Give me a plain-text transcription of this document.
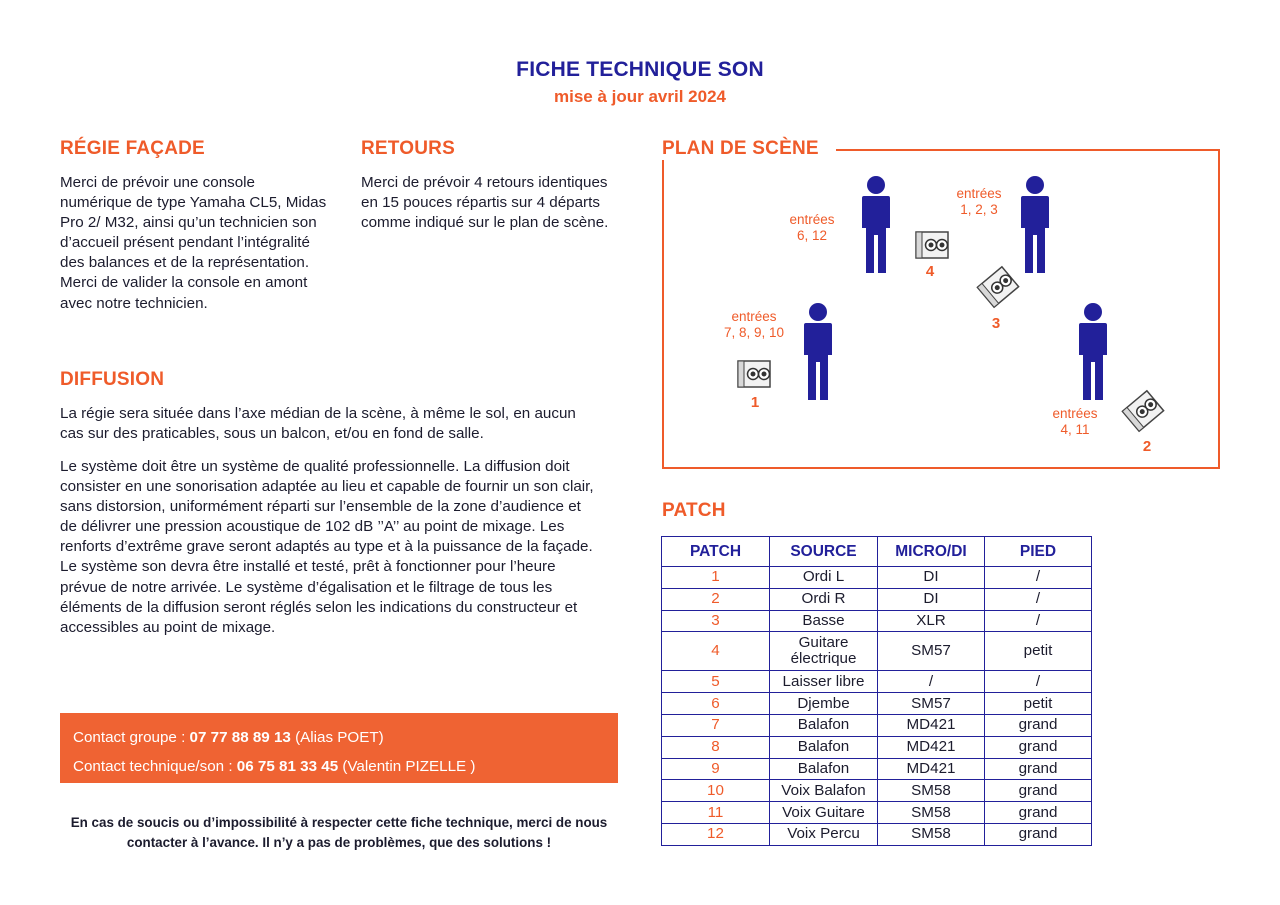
FICHE TECHNIQUE SON
mise à jour avril 2024
RÉGIE FAÇADE
Merci de prévoir une console numérique de type Yamaha CL5, Midas Pro 2/ M32, ainsi qu’un technicien son d’accueil présent pendant l’intégralité des balances et de la représentation. Merci de valider la console en amont avec notre technicien.
RETOURS
Merci de prévoir 4 retours identiques en 15 pouces répartis sur 4 départs comme indiqué sur le plan de scène.
DIFFUSION
La régie sera située dans l’axe médian de la scène, à même le sol, en aucun cas sur des praticables, sous un balcon, et/ou en fond de salle.
Le système doit être un système de qualité professionnelle. La diffusion doit consister en une sonorisation adaptée au lieu et capable de fournir un son clair, sans distorsion, uniformément réparti sur l’ensemble de la zone d’audience et de délivrer une pression acoustique de 102 dB ’’A’’ au point de mixage. Les renforts d’extrême grave seront adaptés au type et à la puissance de la façade. Le système son devra être installé et testé, prêt à fonctionner pour l’heure prévue de notre arrivée. Le système d’égalisation et le filtrage de tous les éléments de la diffusion seront réglés selon les indications du constructeur et accessibles au point de mixage.
Contact groupe : 07 77 88 89 13 (Alias POET)
Contact technique/son : 06 75 81 33 45 (Valentin PIZELLE )
En cas de soucis ou d’impossibilité à respecter cette fiche technique, merci de nous contacter à l’avance. Il n’y a pas de problèmes, que des solutions !
PLAN DE SCÈNE
entrées
6, 12
entrées
1, 2, 3
entrées
7, 8, 9, 10
entrées
4, 11
4
3
1
2
PATCH
PATCH	SOURCE	MICRO/DI	PIED
1	Ordi L	DI	/
2	Ordi R	DI	/
3	Basse	XLR	/
4	Guitare électrique	SM57	petit
5	Laisser libre	/	/
6	Djembe	SM57	petit
7	Balafon	MD421	grand
8	Balafon	MD421	grand
9	Balafon	MD421	grand
10	Voix Balafon	SM58	grand
11	Voix Guitare	SM58	grand
12	Voix Percu	SM58	grand
